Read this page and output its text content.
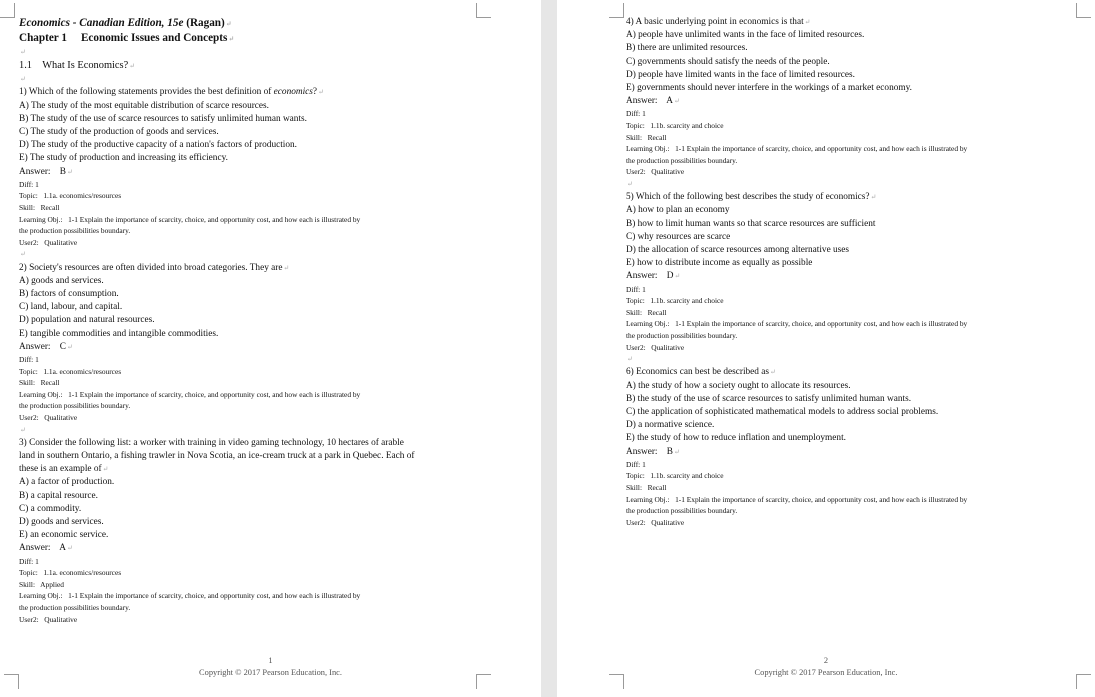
Economics - Canadian Edition, 15e (Ragan)↵
Chapter 1 Economic Issues and Concepts↵
↵
1.1 What Is Economics?↵
↵
1) Which of the following statements provides the best definition of economics?↵
A) The study of the most equitable distribution of scarce resources.
B) The study of the use of scarce resources to satisfy unlimited human wants.
C) The study of the production of goods and services.
D) The study of the productive capacity of a nation's factors of production.
E) The study of production and increasing its efficiency.
Answer: B↵
Diff: 1
Topic: 1.1a. economics/resources
Skill: Recall
Learning Obj.: 1-1 Explain the importance of scarcity, choice, and opportunity cost, and how each is illustrated by
the production possibilities boundary.
User2: Qualitative
↵
2) Society's resources are often divided into broad categories. They are↵
A) goods and services.
B) factors of consumption.
C) land, labour, and capital.
D) population and natural resources.
E) tangible commodities and intangible commodities.
Answer: C↵
Diff: 1
Topic: 1.1a. economics/resources
Skill: Recall
Learning Obj.: 1-1 Explain the importance of scarcity, choice, and opportunity cost, and how each is illustrated by
the production possibilities boundary.
User2: Qualitative
↵
3) Consider the following list: a worker with training in video gaming technology, 10 hectares of arable
land in southern Ontario, a fishing trawler in Nova Scotia, an ice-cream truck at a park in Quebec. Each of
these is an example of↵
A) a factor of production.
B) a capital resource.
C) a commodity.
D) goods and services.
E) an economic service.
Answer: A↵
Diff: 1
Topic: 1.1a. economics/resources
Skill: Applied
Learning Obj.: 1-1 Explain the importance of scarcity, choice, and opportunity cost, and how each is illustrated by
the production possibilities boundary.
User2: Qualitative
1
Copyright © 2017 Pearson Education, Inc.
4) A basic underlying point in economics is that↵
A) people have unlimited wants in the face of limited resources.
B) there are unlimited resources.
C) governments should satisfy the needs of the people.
D) people have limited wants in the face of limited resources.
E) governments should never interfere in the workings of a market economy.
Answer: A↵
Diff: 1
Topic: 1.1b. scarcity and choice
Skill: Recall
Learning Obj.: 1-1 Explain the importance of scarcity, choice, and opportunity cost, and how each is illustrated by
the production possibilities boundary.
User2: Qualitative
↵
5) Which of the following best describes the study of economics?↵
A) how to plan an economy
B) how to limit human wants so that scarce resources are sufficient
C) why resources are scarce
D) the allocation of scarce resources among alternative uses
E) how to distribute income as equally as possible
Answer: D↵
Diff: 1
Topic: 1.1b. scarcity and choice
Skill: Recall
Learning Obj.: 1-1 Explain the importance of scarcity, choice, and opportunity cost, and how each is illustrated by
the production possibilities boundary.
User2: Qualitative
↵
6) Economics can best be described as↵
A) the study of how a society ought to allocate its resources.
B) the study of the use of scarce resources to satisfy unlimited human wants.
C) the application of sophisticated mathematical models to address social problems.
D) a normative science.
E) the study of how to reduce inflation and unemployment.
Answer: B↵
Diff: 1
Topic: 1.1b. scarcity and choice
Skill: Recall
Learning Obj.: 1-1 Explain the importance of scarcity, choice, and opportunity cost, and how each is illustrated by
the production possibilities boundary.
User2: Qualitative
2
Copyright © 2017 Pearson Education, Inc.
